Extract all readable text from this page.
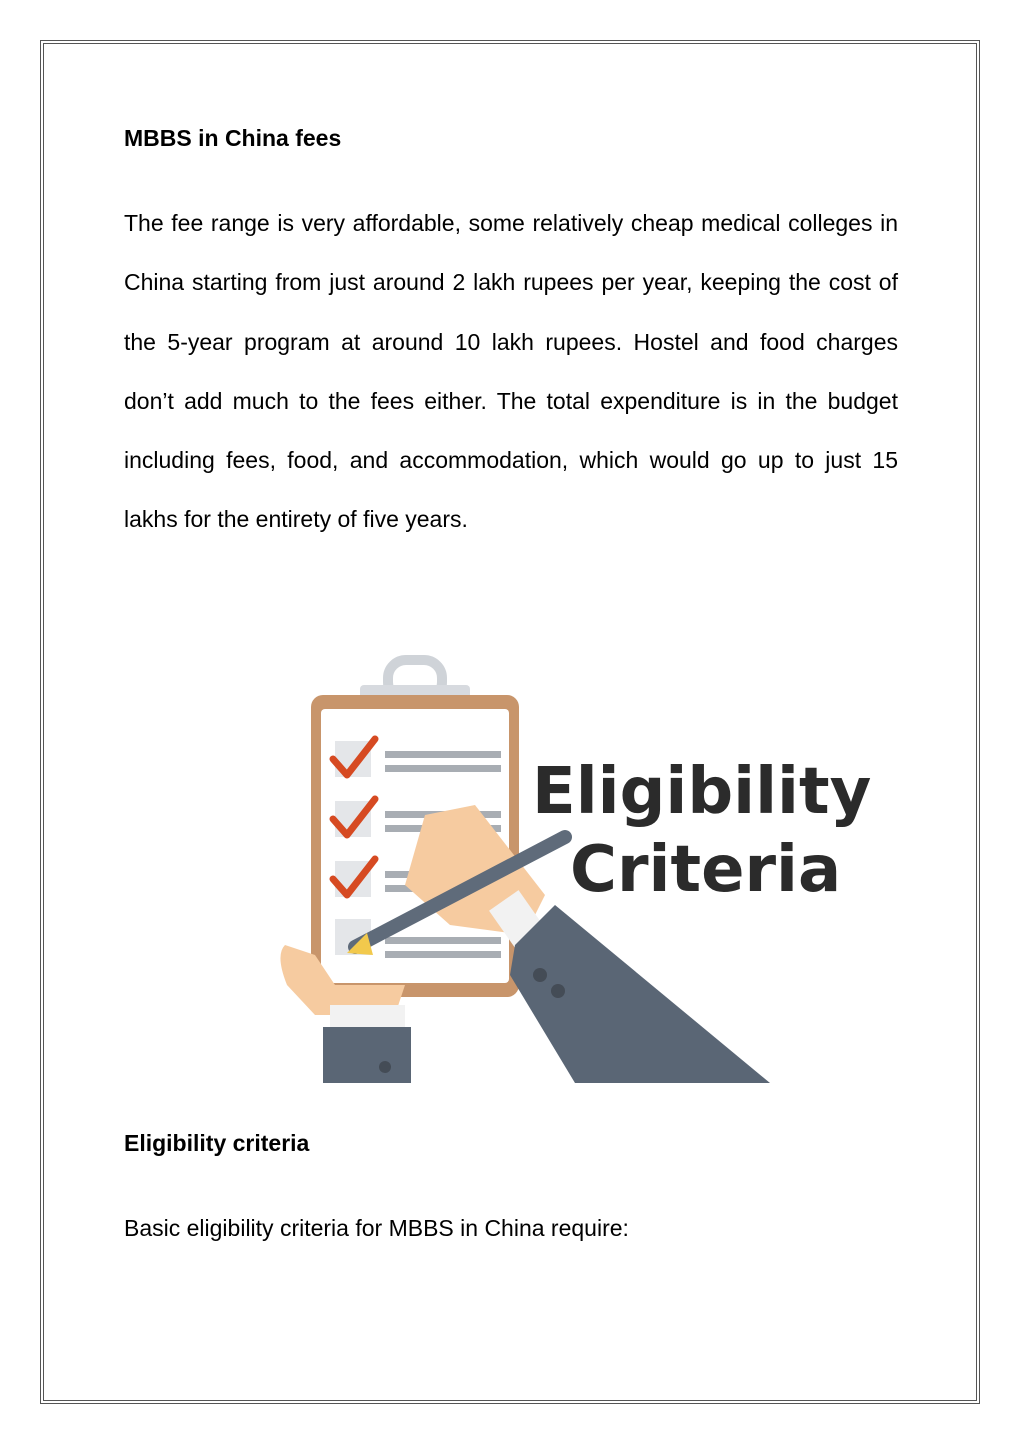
MBBS in China fees

The fee range is very affordable, some relatively cheap medical colleges in China starting from just around 2 lakh rupees per year, keeping the cost of the 5-year program at around 10 lakh rupees. Hostel and food charges don’t add much to the fees either. The total expenditure is in the budget including fees, food, and accommodation, which would go up to just 15 lakhs for the entirety of five years.

Eligibility
Criteria
Eligibility criteria

Basic eligibility criteria for MBBS in China require:
